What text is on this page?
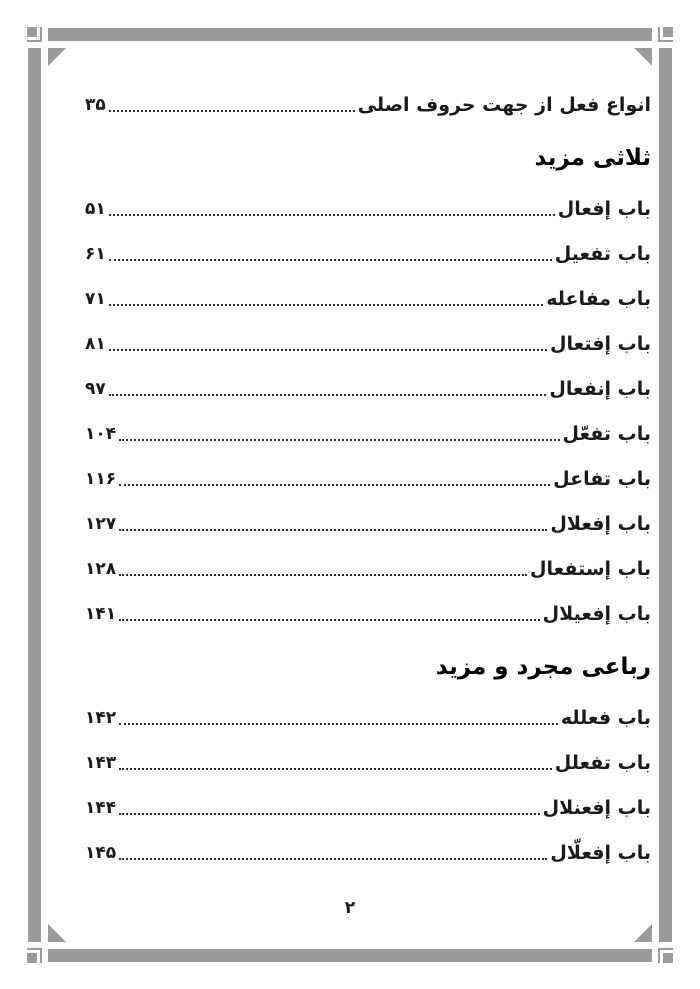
انواع فعل از جهت حروف اصلی
۳۵
ثلاثی مزید
باب إفعال
۵۱
باب تفعیل
۶۱
باب مفاعله
۷۱
باب إفتعال
۸۱
باب إنفعال
۹۷
باب تفعّل
۱۰۴
باب تفاعل
۱۱۶
باب إفعلال
۱۲۷
باب إستفعال
۱۲۸
باب إفعیلال
۱۴۱
رباعی مجرد و مزید
باب فعلله
۱۴۲
باب تفعلل
۱۴۳
باب إفعنلال
۱۴۴
باب إفعلّال
۱۴۵
۲
